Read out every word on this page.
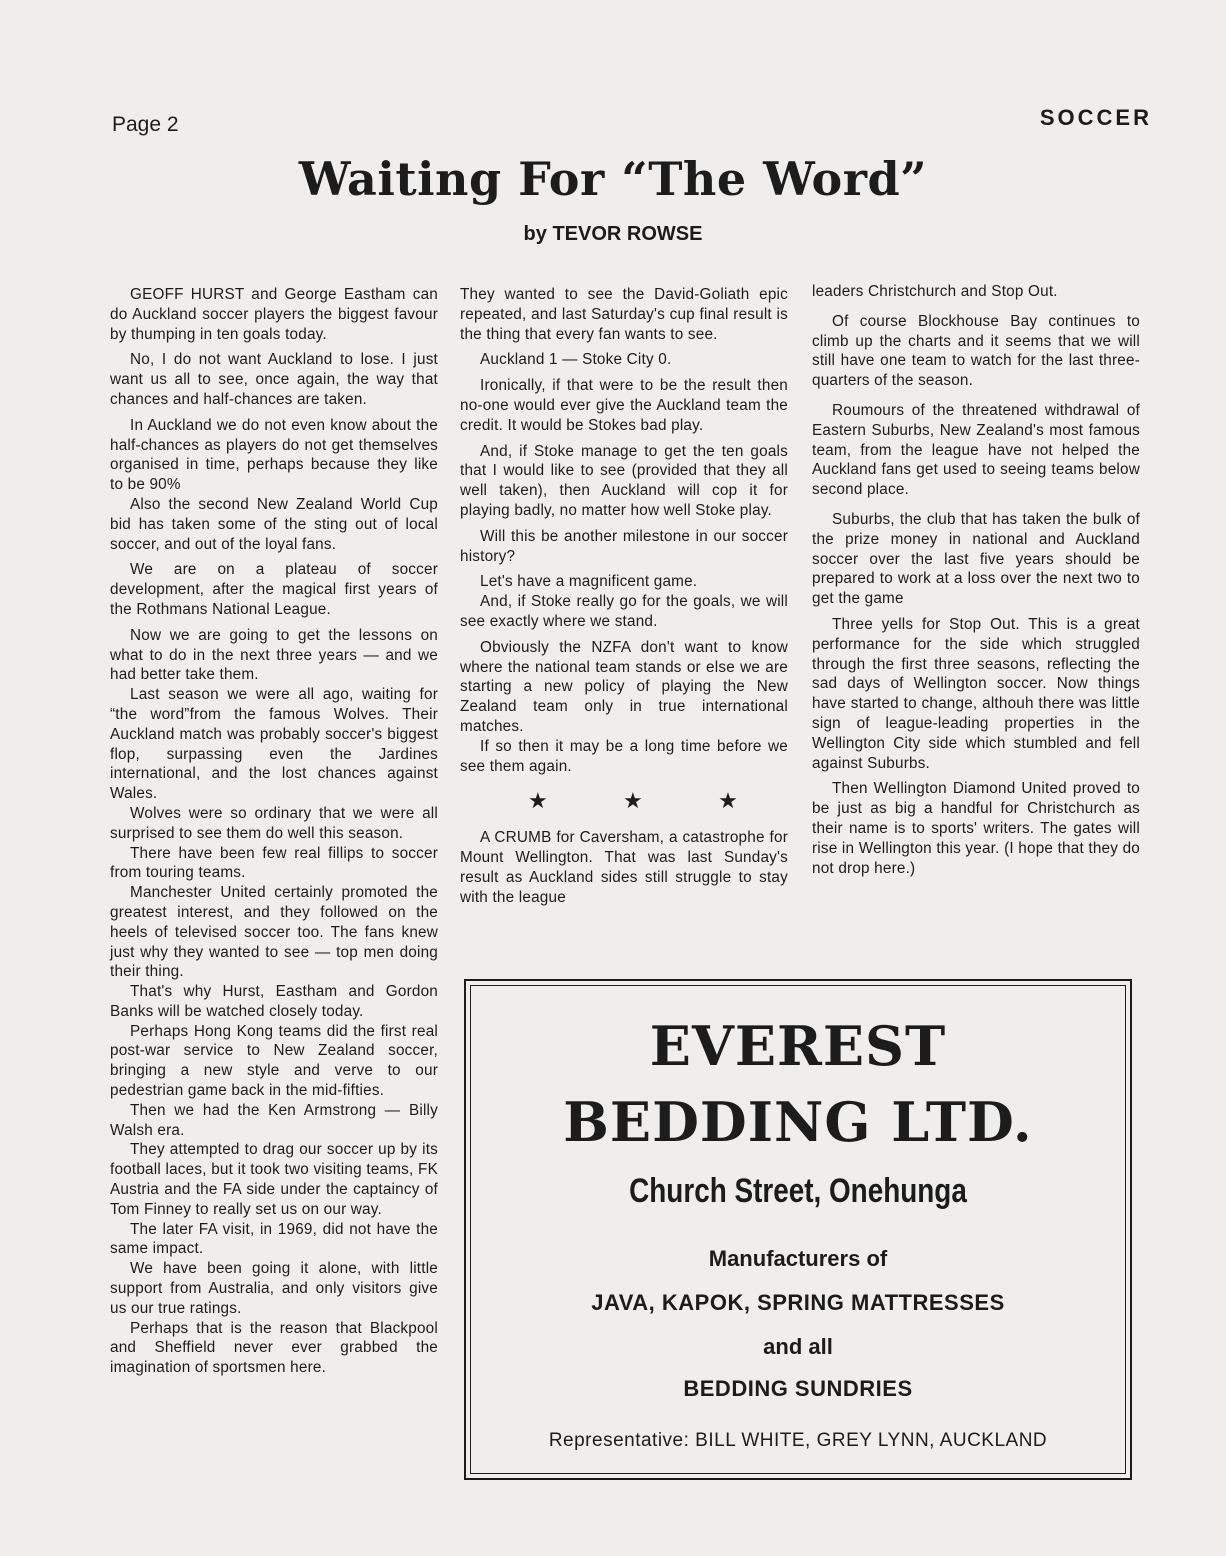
Page 2	SOCCER
Waiting For “The Word”
by TEVOR ROWSE

GEOFF HURST and George Eastham can do Auckland soccer players the biggest favour by thumping in ten goals today.

No, I do not want Auckland to lose. I just want us all to see, once again, the way that chances and half-chances are taken.

In Auckland we do not even know about the half-chances as players do not get themselves organised in time, perhaps because they like to be 90%

Also the second New Zealand World Cup bid has taken some of the sting out of local soccer, and out of the loyal fans.

We are on a plateau of soccer development, after the magical first years of the Rothmans National League.

Now we are going to get the lessons on what to do in the next three years — and we had better take them.

Last season we were all ago, waiting for “the word”from the famous Wolves. Their Auckland match was probably soccer's biggest flop, surpassing even the Jardines international, and the lost chances against Wales.

Wolves were so ordinary that we were all surprised to see them do well this season.

There have been few real fillips to soccer from touring teams.

Manchester United certainly promoted the greatest interest, and they followed on the heels of televised soccer too. The fans knew just why they wanted to see — top men doing their thing.

That's why Hurst, Eastham and Gordon Banks will be watched closely today.

Perhaps Hong Kong teams did the first real post-war service to New Zealand soccer, bringing a new style and verve to our pedestrian game back in the mid-fifties.

Then we had the Ken Armstrong — Billy Walsh era.

They attempted to drag our soccer up by its football laces, but it took two visiting teams, FK Austria and the FA side under the captaincy of Tom Finney to really set us on our way.

The later FA visit, in 1969, did not have the same impact.

We have been going it alone, with little support from Australia, and only visitors give us our true ratings.

Perhaps that is the reason that Blackpool and Sheffield never ever grabbed the imagination of sportsmen here.

They wanted to see the David-Goliath epic repeated, and last Saturday's cup final result is the thing that every fan wants to see.

Auckland 1 — Stoke City 0.

Ironically, if that were to be the result then no-one would ever give the Auckland team the credit. It would be Stokes bad play.

And, if Stoke manage to get the ten goals that I would like to see (provided that they all well taken), then Auckland will cop it for playing badly, no matter how well Stoke play.

Will this be another milestone in our soccer history?

Let's have a magnificent game.

And, if Stoke really go for the goals, we will see exactly where we stand.

Obviously the NZFA don't want to know where the national team stands or else we are starting a new policy of playing the New Zealand team only in true international matches.

If so then it may be a long time before we see them again.

★	★	★

A CRUMB for Caversham, a catastrophe for Mount Wellington. That was last Sunday's result as Auckland sides still struggle to stay with the league

leaders Christchurch and Stop Out.

Of course Blockhouse Bay continues to climb up the charts and it seems that we will still have one team to watch for the last three-quarters of the season.

Roumours of the threatened withdrawal of Eastern Suburbs, New Zealand's most famous team, from the league have not helped the Auckland fans get used to seeing teams below second place.

Suburbs, the club that has taken the bulk of the prize money in national and Auckland soccer over the last five years should be prepared to work at a loss over the next two to get the game

Three yells for Stop Out. This is a great performance for the side which struggled through the first three seasons, reflecting the sad days of Wellington soccer. Now things have started to change, althouh there was little sign of league-leading properties in the Wellington City side which stumbled and fell against Suburbs.

Then Wellington Diamond United proved to be just as big a handful for Christchurch as their name is to sports' writers. The gates will rise in Wellington this year. (I hope that they do not drop here.)

EVEREST
BEDDING LTD.
Church Street, Onehunga
Manufacturers of
JAVA, KAPOK, SPRING MATTRESSES
and all
BEDDING SUNDRIES
Representative: BILL WHITE, GREY LYNN, AUCKLAND
